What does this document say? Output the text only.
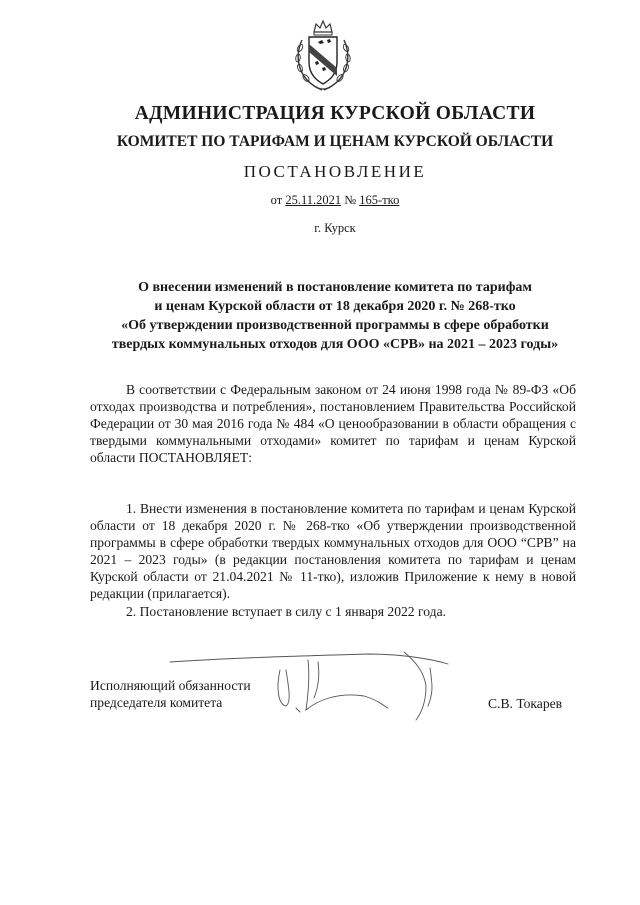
АДМИНИСТРАЦИЯ КУРСКОЙ ОБЛАСТИ
КОМИТЕТ ПО ТАРИФАМ И ЦЕНАМ КУРСКОЙ ОБЛАСТИ
ПОСТАНОВЛЕНИЕ
от 25.11.2021 № 165-тко
г. Курск
О внесении изменений в постановление комитета по тарифам
и ценам Курской области от 18 декабря 2020 г. № 268-тко
«Об утверждении производственной программы в сфере обработки
твердых коммунальных отходов для ООО «СРВ» на 2021 – 2023 годы»
В соответствии с Федеральным законом от 24 июня 1998 года № 89-ФЗ «Об отходах производства и потребления», постановлением Правительства Российской Федерации от 30 мая 2016 года № 484 «О ценообразовании в области обращения с твердыми коммунальными отходами» комитет по тарифам и ценам Курской области ПОСТАНОВЛЯЕТ:
1. Внести изменения в постановление комитета по тарифам и ценам Курской области от 18 декабря 2020 г. № 268-тко «Об утверждении производственной программы в сфере обработки твердых коммунальных отходов для ООО “СРВ” на 2021 – 2023 годы» (в редакции постановления комитета по тарифам и ценам Курской области от 21.04.2021 № 11-тко), изложив Приложение к нему в новой редакции (прилагается).
2. Постановление вступает в силу с 1 января 2022 года.
Исполняющий обязанности
председателя комитета	С.В. Токарев
